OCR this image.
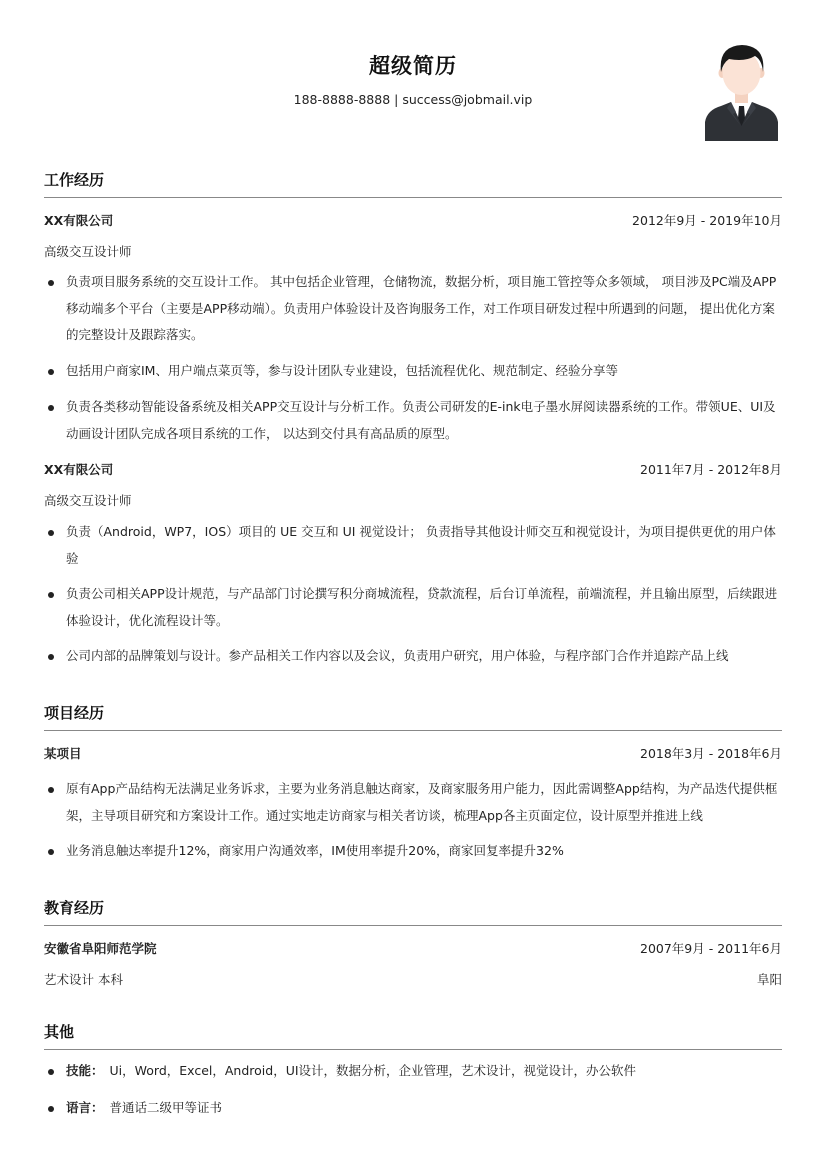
超级简历
188-8888-8888 | success@jobmail.vip
工作经历
XX有限公司	2012年9月 - 2019年10月
高级交互设计师
负责项目服务系统的交互设计工作。 其中包括企业管理，仓储物流，数据分析，项目施工管控等众多领域， 项目涉及PC端及APP移动端多个平台（主要是APP移动端）。负责用户体验设计及咨询服务工作，对工作项目研发过程中所遇到的问题， 提出优化方案的完整设计及跟踪落实。
包括用户商家IM、用户端点菜页等，参与设计团队专业建设，包括流程优化、规范制定、经验分享等
负责各类移动智能设备系统及相关APP交互设计与分析工作。负责公司研发的E-ink电子墨水屏阅读器系统的工作。带领UE、UI及动画设计团队完成各项目系统的工作， 以达到交付具有高品质的原型。
XX有限公司	2011年7月 - 2012年8月
高级交互设计师
负责（Android，WP7，IOS）项目的 UE 交互和 UI 视觉设计； 负责指导其他设计师交互和视觉设计，为项目提供更优的用户体验
负责公司相关APP设计规范，与产品部门讨论撰写积分商城流程，贷款流程，后台订单流程，前端流程，并且输出原型，后续跟进体验设计，优化流程设计等。
公司内部的品牌策划与设计。参产品相关工作内容以及会议，负责用户研究，用户体验，与程序部门合作并追踪产品上线
项目经历
某项目	2018年3月 - 2018年6月
原有App产品结构无法满足业务诉求，主要为业务消息触达商家，及商家服务用户能力，因此需调整App结构，为产品迭代提供框架，主导项目研究和方案设计工作。通过实地走访商家与相关者访谈，梳理App各主页面定位，设计原型并推进上线
业务消息触达率提升12%，商家用户沟通效率，IM使用率提升20%，商家回复率提升32%
教育经历
安徽省阜阳师范学院	2007年9月 - 2011年6月
艺术设计 本科	阜阳
其他
技能： Ui，Word，Excel，Android，UI设计，数据分析，企业管理，艺术设计，视觉设计，办公软件
语言： 普通话二级甲等证书
